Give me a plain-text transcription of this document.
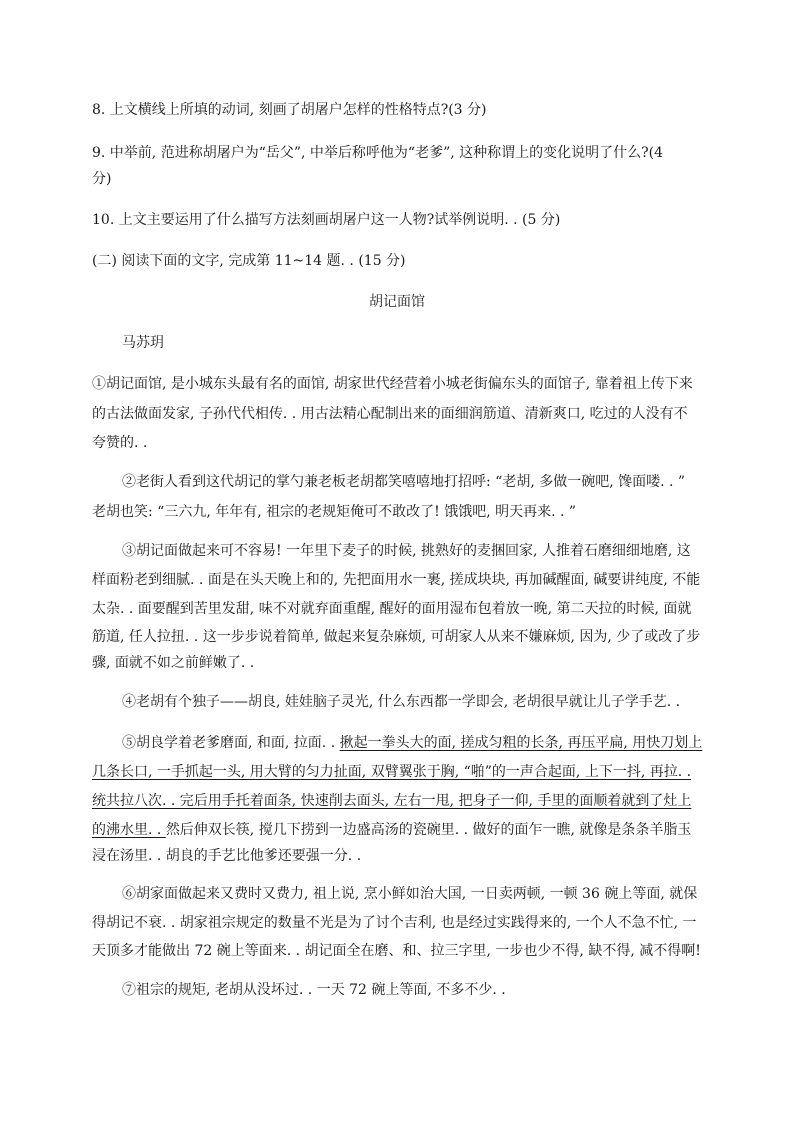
8. 上文横线上所填的动词, 刻画了胡屠户怎样的性格特点?(3 分)
9. 中举前, 范进称胡屠户为“岳父”, 中举后称呼他为“老爹”, 这种称谓上的变化说明了什么?(4
分)
10. 上文主要运用了什么描写方法刻画胡屠户这一人物?试举例说明. . (5 分)
(二) 阅读下面的文字, 完成第 11~14 题. . (15 分)
胡记面馆
马苏玥
①胡记面馆, 是小城东头最有名的面馆, 胡家世代经营着小城老街偏东头的面馆子, 靠着祖上传下来
的古法做面发家, 子孙代代相传. . 用古法精心配制出来的面细润筋道、清新爽口, 吃过的人没有不
夸赞的. .
②老街人看到这代胡记的掌勺兼老板老胡都笑嘻嘻地打招呼: “老胡, 多做一碗吧, 馋面喽. . ”
老胡也笑: “三六九, 年年有, 祖宗的老规矩俺可不敢改了! 饿饿吧, 明天再来. . ”
③胡记面做起来可不容易! 一年里下麦子的时候, 挑熟好的麦捆回家, 人推着石磨细细地磨, 这
样面粉老到细腻. . 面是在头天晚上和的, 先把面用水一裹, 搓成块块, 再加碱醒面, 碱要讲纯度, 不能
太杂. . 面要醒到苦里发甜, 味不对就弃面重醒, 醒好的面用湿布包着放一晚, 第二天拉的时候, 面就
筋道, 任人拉扭. . 这一步步说着简单, 做起来复杂麻烦, 可胡家人从来不嫌麻烦, 因为, 少了或改了步
骤, 面就不如之前鲜嫩了. .
④老胡有个独子——胡良, 娃娃脑子灵光, 什么东西都一学即会, 老胡很早就让儿子学手艺. .
⑤胡良学着老爹磨面, 和面, 拉面. . 揪起一拳头大的面, 搓成匀粗的长条, 再压平扁, 用快刀划上
几条长口, 一手抓起一头, 用大臂的匀力扯面, 双臂翼张于胸, “啪”的一声合起面, 上下一抖, 再拉. .
统共拉八次. . 完后用手托着面条, 快速削去面头, 左右一甩, 把身子一仰, 手里的面顺着就到了灶上
的沸水里. . 然后伸双长筷, 搅几下捞到一边盛高汤的瓷碗里. . 做好的面乍一瞧, 就像是条条羊脂玉
浸在汤里. . 胡良的手艺比他爹还要强一分. .
⑥胡家面做起来又费时又费力, 祖上说, 烹小鲜如治大国, 一日卖两顿, 一顿 36 碗上等面, 就保
得胡记不衰. . 胡家祖宗规定的数量不光是为了讨个吉利, 也是经过实践得来的, 一个人不急不忙, 一
天顶多才能做出 72 碗上等面来. . 胡记面全在磨、和、拉三字里, 一步也少不得, 缺不得, 减不得啊!
⑦祖宗的规矩, 老胡从没坏过. . 一天 72 碗上等面, 不多不少. .
